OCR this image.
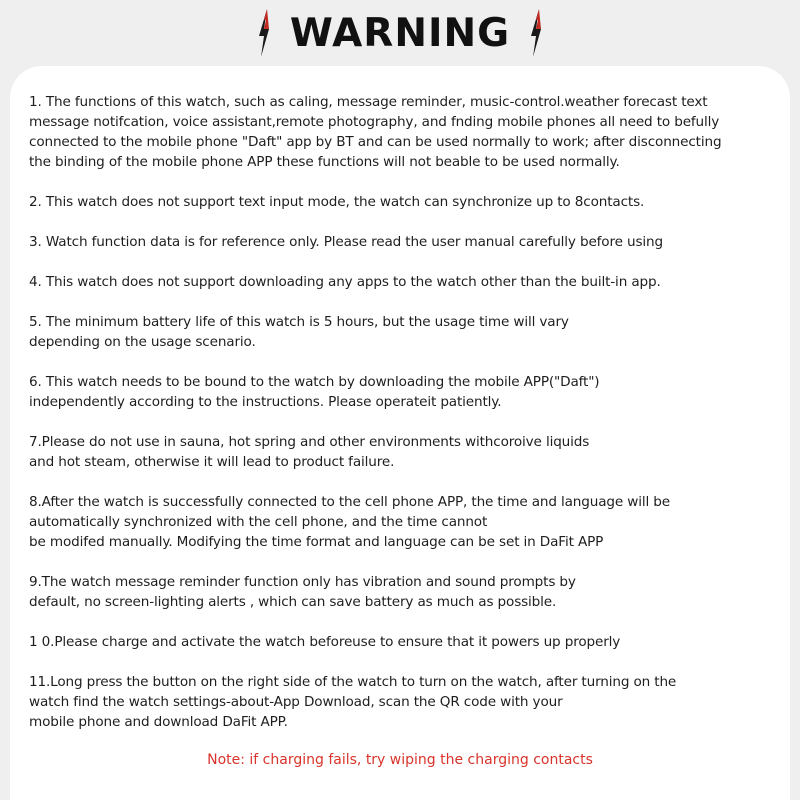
WARNING
1. The functions of this watch, such as caling, message reminder, music-control.weather forecast text
message notifcation, voice assistant,remote photography, and fnding mobile phones all need to befully
connected to the mobile phone "Daft" app by BT and can be used normally to work; after disconnecting
the binding of the mobile phone APP these functions will not beable to be used normally.
2. This watch does not support text input mode, the watch can synchronize up to 8contacts.
3. Watch function data is for reference only. Please read the user manual carefully before using
4. This watch does not support downloading any apps to the watch other than the built-in app.
5. The minimum battery life of this watch is 5 hours, but the usage time will vary
depending on the usage scenario.
6. This watch needs to be bound to the watch by downloading the mobile APP("Daft")
independently according to the instructions. Please operateit patiently.
7.Please do not use in sauna, hot spring and other environments withcoroive liquids
and hot steam, otherwise it will lead to product failure.
8.After the watch is successfully connected to the cell phone APP, the time and language will be
automatically synchronized with the cell phone, and the time cannot
be modifed manually. Modifying the time format and language can be set in DaFit APP
9.The watch message reminder function only has vibration and sound prompts by
default, no screen-lighting alerts , which can save battery as much as possible.
1 0.Please charge and activate the watch beforeuse to ensure that it powers up properly
11.Long press the button on the right side of the watch to turn on the watch, after turning on the
watch find the watch settings-about-App Download, scan the QR code with your
mobile phone and download DaFit APP.
Note: if charging fails, try wiping the charging contacts
